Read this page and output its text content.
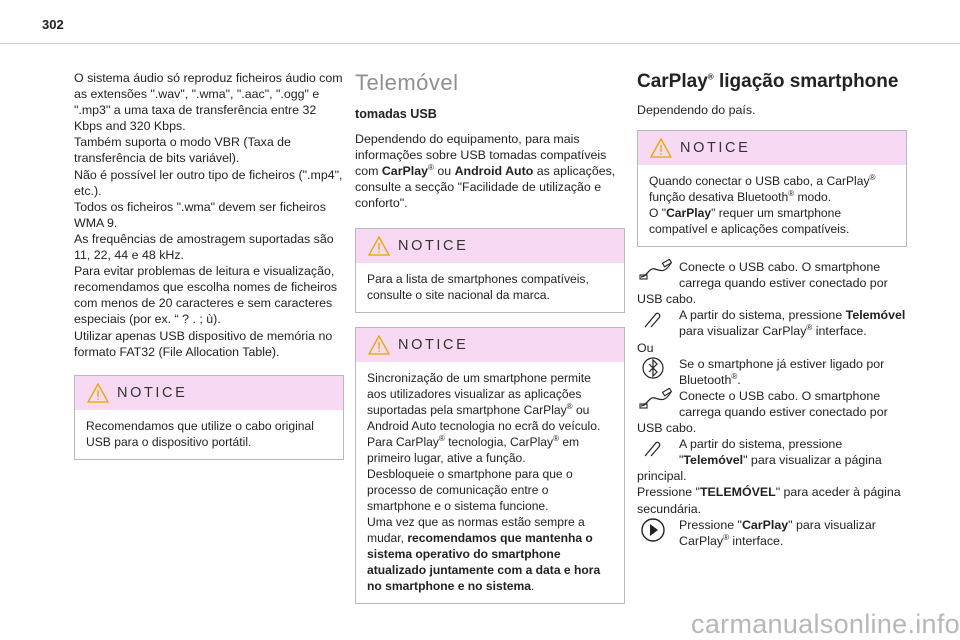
302

O sistema áudio só reproduz ficheiros áudio com as extensões ".wav", ".wma", ".aac", ".ogg" e ".mp3" a uma taxa de transferência entre 32 Kbps and 320 Kbps.

Também suporta o modo VBR (Taxa de transferência de bits variável).

Não é possível ler outro tipo de ficheiros (".mp4", etc.).

Todos os ficheiros ".wma" devem ser ficheiros WMA 9.

As frequências de amostragem suportadas são 11, 22, 44 e 48 kHz.

Para evitar problemas de leitura e visualização, recomendamos que escolha nomes de ficheiros com menos de 20 caracteres e sem caracteres especiais (por ex. “ ? . ; ù).

Utilizar apenas USB dispositivo de memória no formato FAT32 (File Allocation Table).

NOTICE
Recomendamos que utilize o cabo original USB para o dispositivo portátil.
Telemóvel
tomadas USB

Dependendo do equipamento, para mais informações sobre USB tomadas compatíveis com CarPlay® ou Android Auto as aplicações, consulte a secção "Facilidade de utilização e conforto".

NOTICE
Para a lista de smartphones compatíveis, consulte o site nacional da marca.
NOTICE
Sincronização de um smartphone permite aos utilizadores visualizar as aplicações suportadas pela smartphone CarPlay® ou Android Auto tecnologia no ecrã do veículo. Para CarPlay® tecnologia, CarPlay® em primeiro lugar, ative a função.
Desbloqueie o smartphone para que o processo de comunicação entre o smartphone e o sistema funcione.
Uma vez que as normas estão sempre a mudar, recomendamos que mantenha o sistema operativo do smartphone atualizado juntamente com a data e hora no smartphone e no sistema.
CarPlay® ligação smartphone

Dependendo do país.

NOTICE
Quando conectar o USB cabo, a CarPlay® função desativa Bluetooth® modo.
O "CarPlay" requer um smartphone compatível e aplicações compatíveis.
Conecte o USB cabo. O smartphone carrega quando estiver conectado por USB cabo.
A partir do sistema, pressione Telemóvel para visualizar CarPlay® interface.

Ou

Se o smartphone já estiver ligado por Bluetooth®.
Conecte o USB cabo. O smartphone carrega quando estiver conectado por USB cabo.
A partir do sistema, pressione "Telemóvel" para visualizar a página principal.

Pressione "TELEMÓVEL" para aceder à página secundária.

Pressione "CarPlay" para visualizar CarPlay® interface.
carmanualsonline.info
